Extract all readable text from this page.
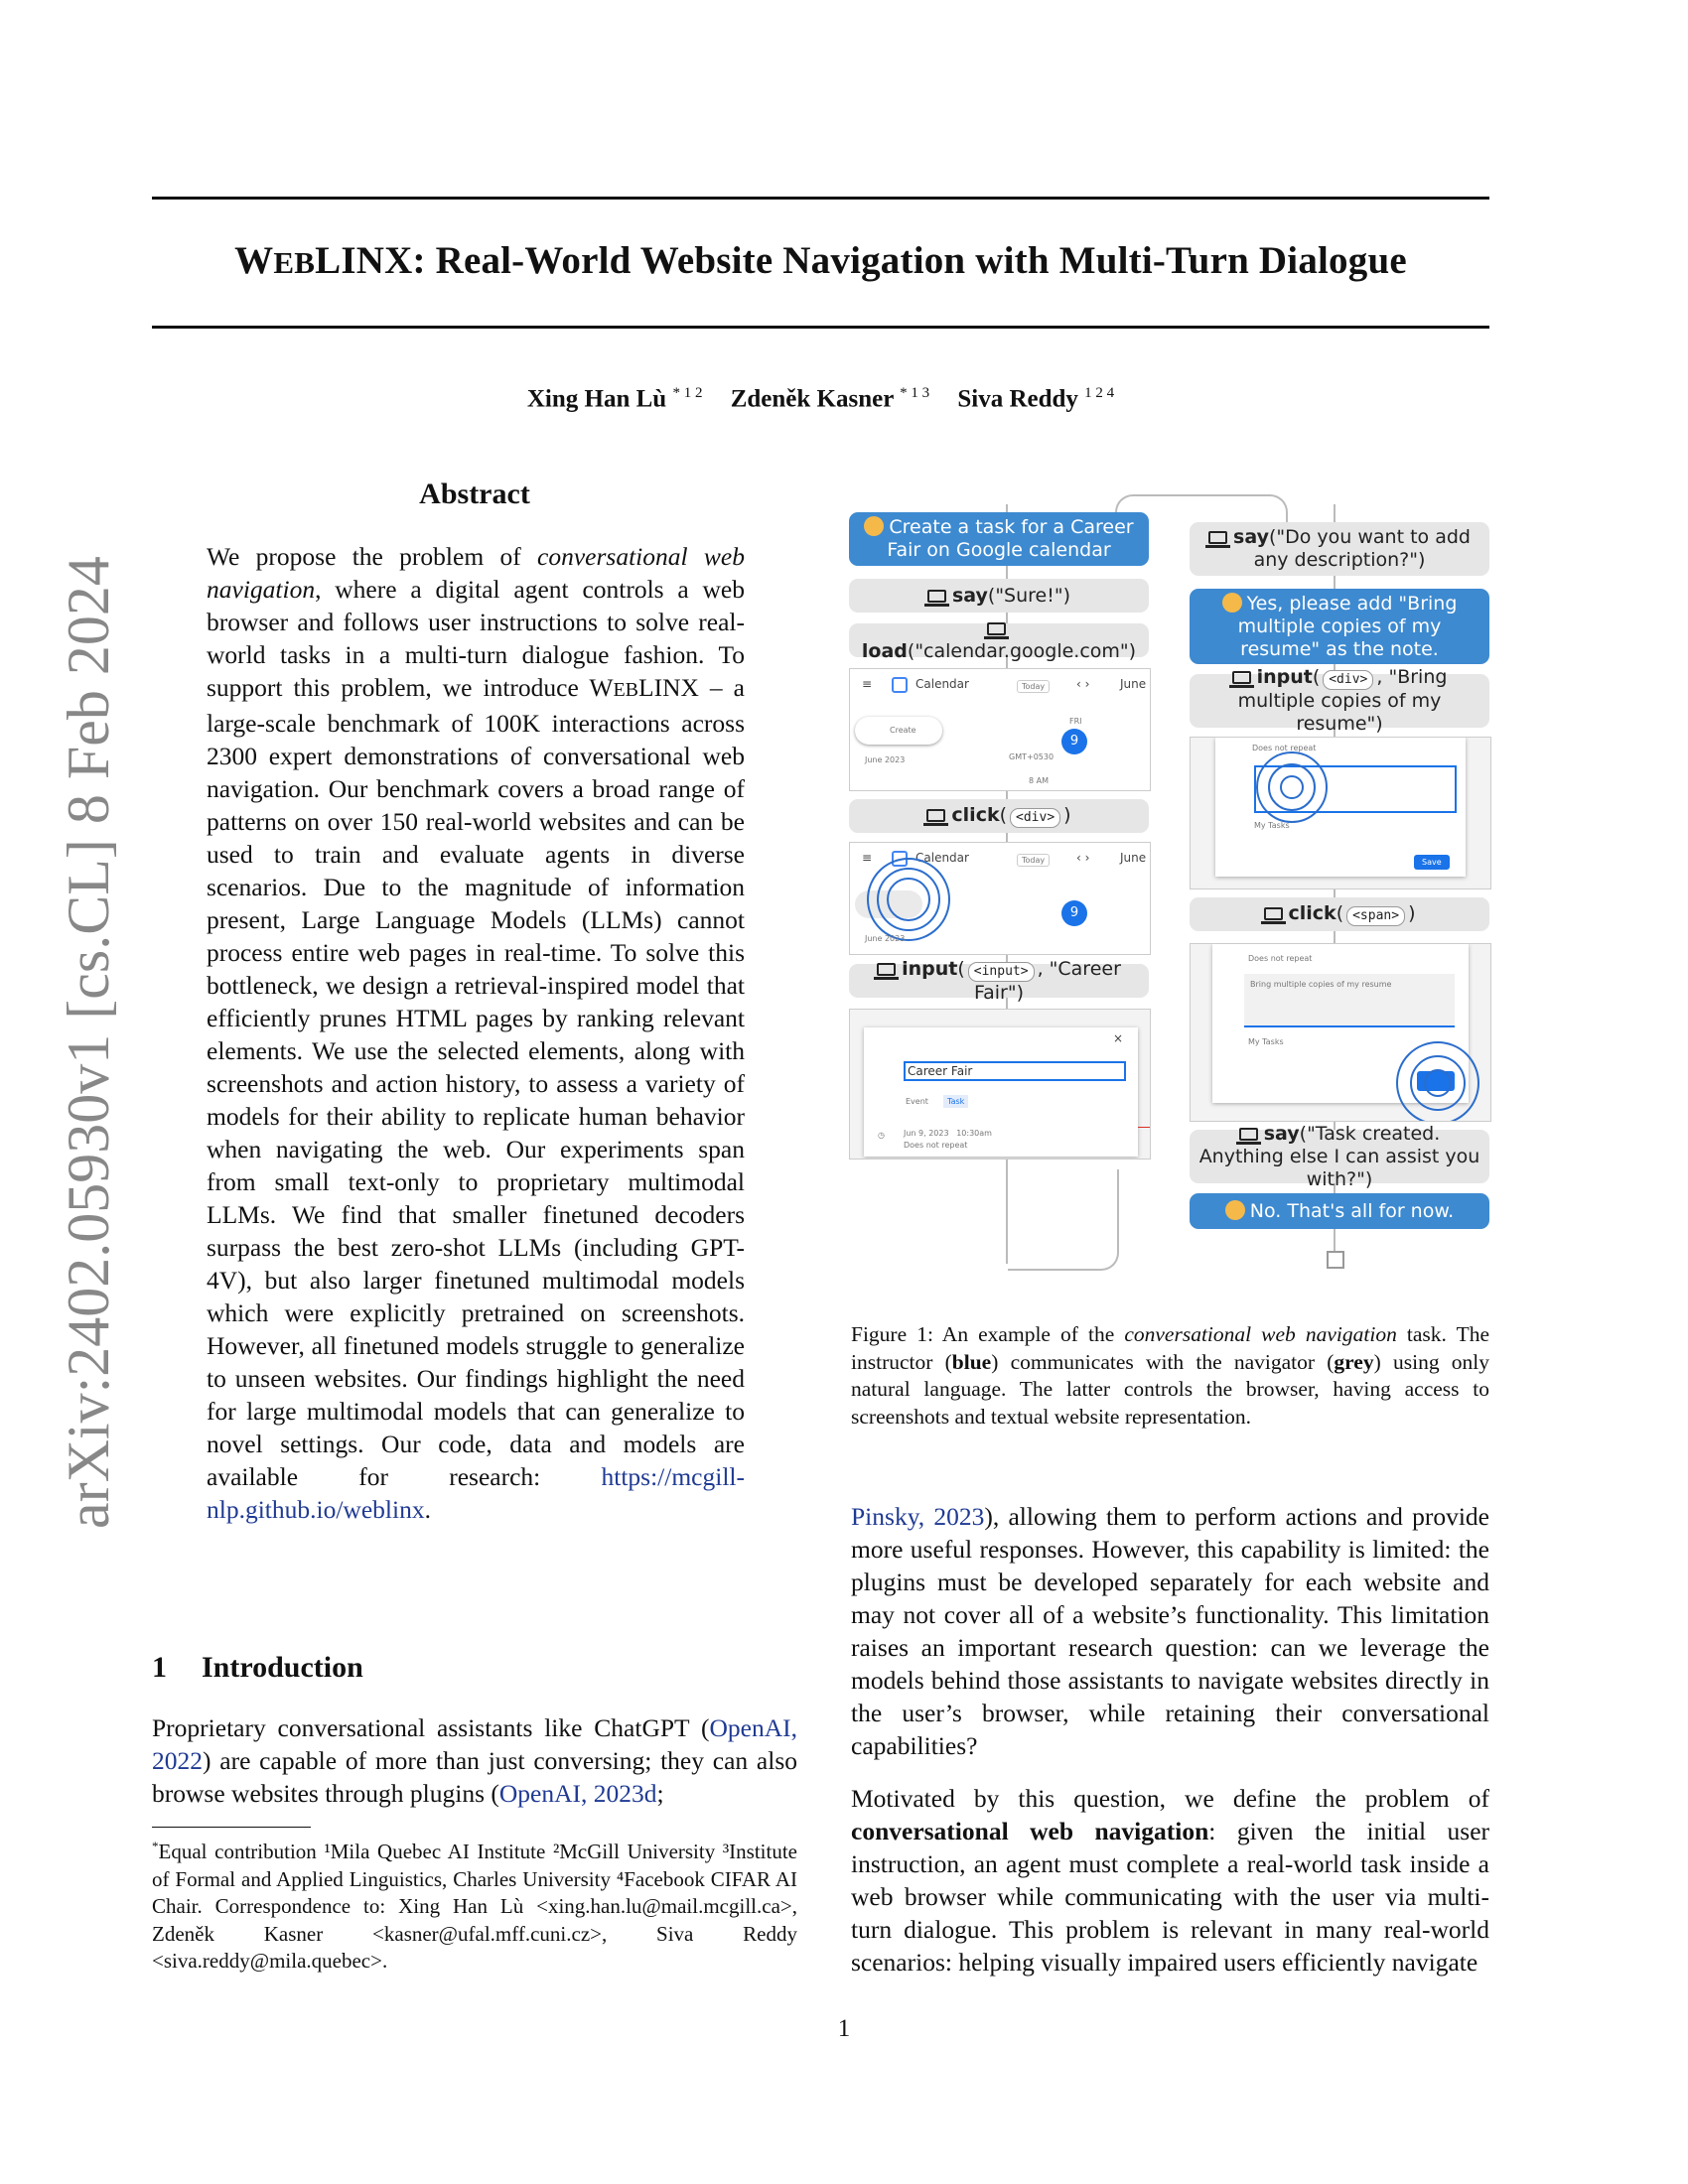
WEBLINX: Real-World Website Navigation with Multi-Turn Dialogue
Xing Han Lù $^{* 1 2}$ Zdeněk Kasner $^{* 1 3}$ Siva Reddy $^{1 2 4}$
arXiv:2402.05930v1 [cs.CL] 8 Feb 2024
Abstract
We propose the problem of conversational web navigation, where a digital agent controls a web browser and follows user instructions to solve real-world tasks in a multi-turn dialogue fashion. To support this problem, we introduce WEBLINX – a large-scale benchmark of 100K interactions across 2300 expert demonstrations of conversational web navigation. Our benchmark covers a broad range of patterns on over 150 real-world websites and can be used to train and evaluate agents in diverse scenarios. Due to the magnitude of information present, Large Language Models (LLMs) cannot process entire web pages in real-time. To solve this bottleneck, we design a retrieval-inspired model that efficiently prunes HTML pages by ranking relevant elements. We use the selected elements, along with screenshots and action history, to assess a variety of models for their ability to replicate human behavior when navigating the web. Our experiments span from small text-only to proprietary multimodal LLMs. We find that smaller finetuned decoders surpass the best zero-shot LLMs (including GPT-4V), but also larger finetuned multimodal models which were explicitly pretrained on screenshots. However, all finetuned models struggle to generalize to unseen websites. Our findings highlight the need for large multimodal models that can generalize to novel settings. Our code, data and models are available for research: https://mcgill-nlp.github.io/weblinx.
1 Introduction
Proprietary conversational assistants like ChatGPT (OpenAI, 2022) are capable of more than just conversing; they can also browse websites through plugins (OpenAI, 2023d;
*Equal contribution ¹Mila Quebec AI Institute ²McGill University ³Institute of Formal and Applied Linguistics, Charles University ⁴Facebook CIFAR AI Chair. Correspondence to: Xing Han Lù <xing.han.lu@mail.mcgill.ca>, Zdeněk Kasner <kasner@ufal.mff.cuni.cz>, Siva Reddy <siva.reddy@mila.quebec>.
Create a task for a Career Fair on Google calendar
say("Sure!")
load("calendar.google.com")
≡	Calendar	Today	‹ ›	June
Create
June 2023
FRI
9
GMT+0530
8 AM
click( <div> )
≡	Calendar	Today	‹ ›	June
June 2023
9
input( <input> , "Career Fair")
×
Career Fair
Event	Task
◷ Jun 9, 2023 10:30am
Does not repeat
say("Do you want to add any description?")
Yes, please add "Bring multiple copies of my resume" as the note.
input( <div> , "Bring multiple copies of my resume")
Does not repeat
My Tasks
Save
click( <span> )
Does not repeat
Bring multiple copies of my resume
My Tasks
say("Task created. Anything else I can assist you with?")
No. That's all for now.
Figure 1: An example of the conversational web navigation task. The instructor (blue) communicates with the navigator (grey) using only natural language. The latter controls the browser, having access to screenshots and textual website representation.
Pinsky, 2023), allowing them to perform actions and provide more useful responses. However, this capability is limited: the plugins must be developed separately for each website and may not cover all of a website’s functionality. This limitation raises an important research question: can we leverage the models behind those assistants to navigate websites directly in the user’s browser, while retaining their conversational capabilities?
Motivated by this question, we define the problem of conversational web navigation: given the initial user instruction, an agent must complete a real-world task inside a web browser while communicating with the user via multi-turn dialogue. This problem is relevant in many real-world scenarios: helping visually impaired users efficiently navigate
1
